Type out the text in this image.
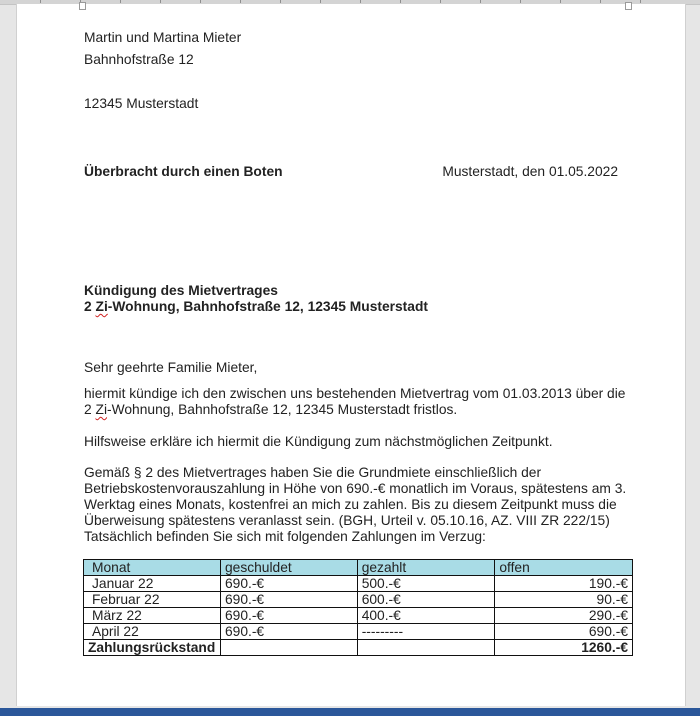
Martin und Martina Mieter
Bahnhofstraße 12
12345 Musterstadt
Überbracht durch einen Boten	Musterstadt, den 01.05.2022
Kündigung des Mietvertrages
2 Zi-Wohnung, Bahnhofstraße 12, 12345 Musterstadt
Sehr geehrte Familie Mieter,
hiermit kündige ich den zwischen uns bestehenden Mietvertrag vom 01.03.2013 über die
2 Zi-Wohnung, Bahnhofstraße 12, 12345 Musterstadt fristlos.
Hilfsweise erkläre ich hiermit die Kündigung zum nächstmöglichen Zeitpunkt.
Gemäß § 2 des Mietvertrages haben Sie die Grundmiete einschließlich der
Betriebskostenvorauszahlung in Höhe von 690.-€ monatlich im Voraus, spätestens am 3.
Werktag eines Monats, kostenfrei an mich zu zahlen. Bis zu diesem Zeitpunkt muss die
Überweisung spätestens veranlasst sein. (BGH, Urteil v. 05.10.16, AZ. VIII ZR 222/15)
Tatsächlich befinden Sie sich mit folgenden Zahlungen im Verzug:
Monat	geschuldet	gezahlt	offen
Januar 22	690.-€	500.-€	190.-€
Februar 22	690.-€	600.-€	90.-€
März 22	690.-€	400.-€	290.-€
April 22	690.-€	---------	690.-€
Zahlungsrückstand			1260.-€
